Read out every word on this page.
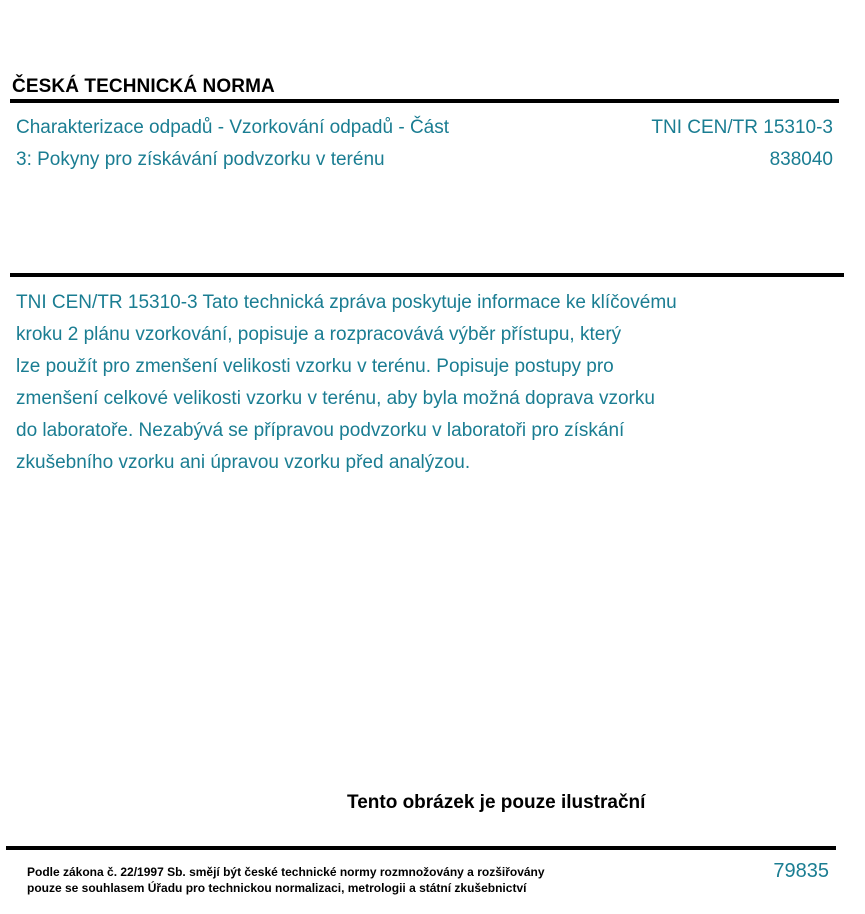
ČESKÁ TECHNICKÁ NORMA
Charakterizace odpadů - Vzorkování odpadů - Část
3: Pokyny pro získávání podvzorku v terénu
TNI CEN/TR 15310-3
838040
TNI CEN/TR 15310-3 Tato technická zpráva poskytuje informace ke klíčovému
kroku 2 plánu vzorkování, popisuje a rozpracovává výběr přístupu, který
lze použít pro zmenšení velikosti vzorku v terénu. Popisuje postupy pro
zmenšení celkové velikosti vzorku v terénu, aby byla možná doprava vzorku
do laboratoře. Nezabývá se přípravou podvzorku v laboratoři pro získání
zkušebního vzorku ani úpravou vzorku před analýzou.
Tento obrázek je pouze ilustrační
Podle zákona č. 22/1997 Sb. smějí být české technické normy rozmnožovány a rozšiřovány
pouze se souhlasem Úřadu pro technickou normalizaci, metrologii a státní zkušebnictví
79835
